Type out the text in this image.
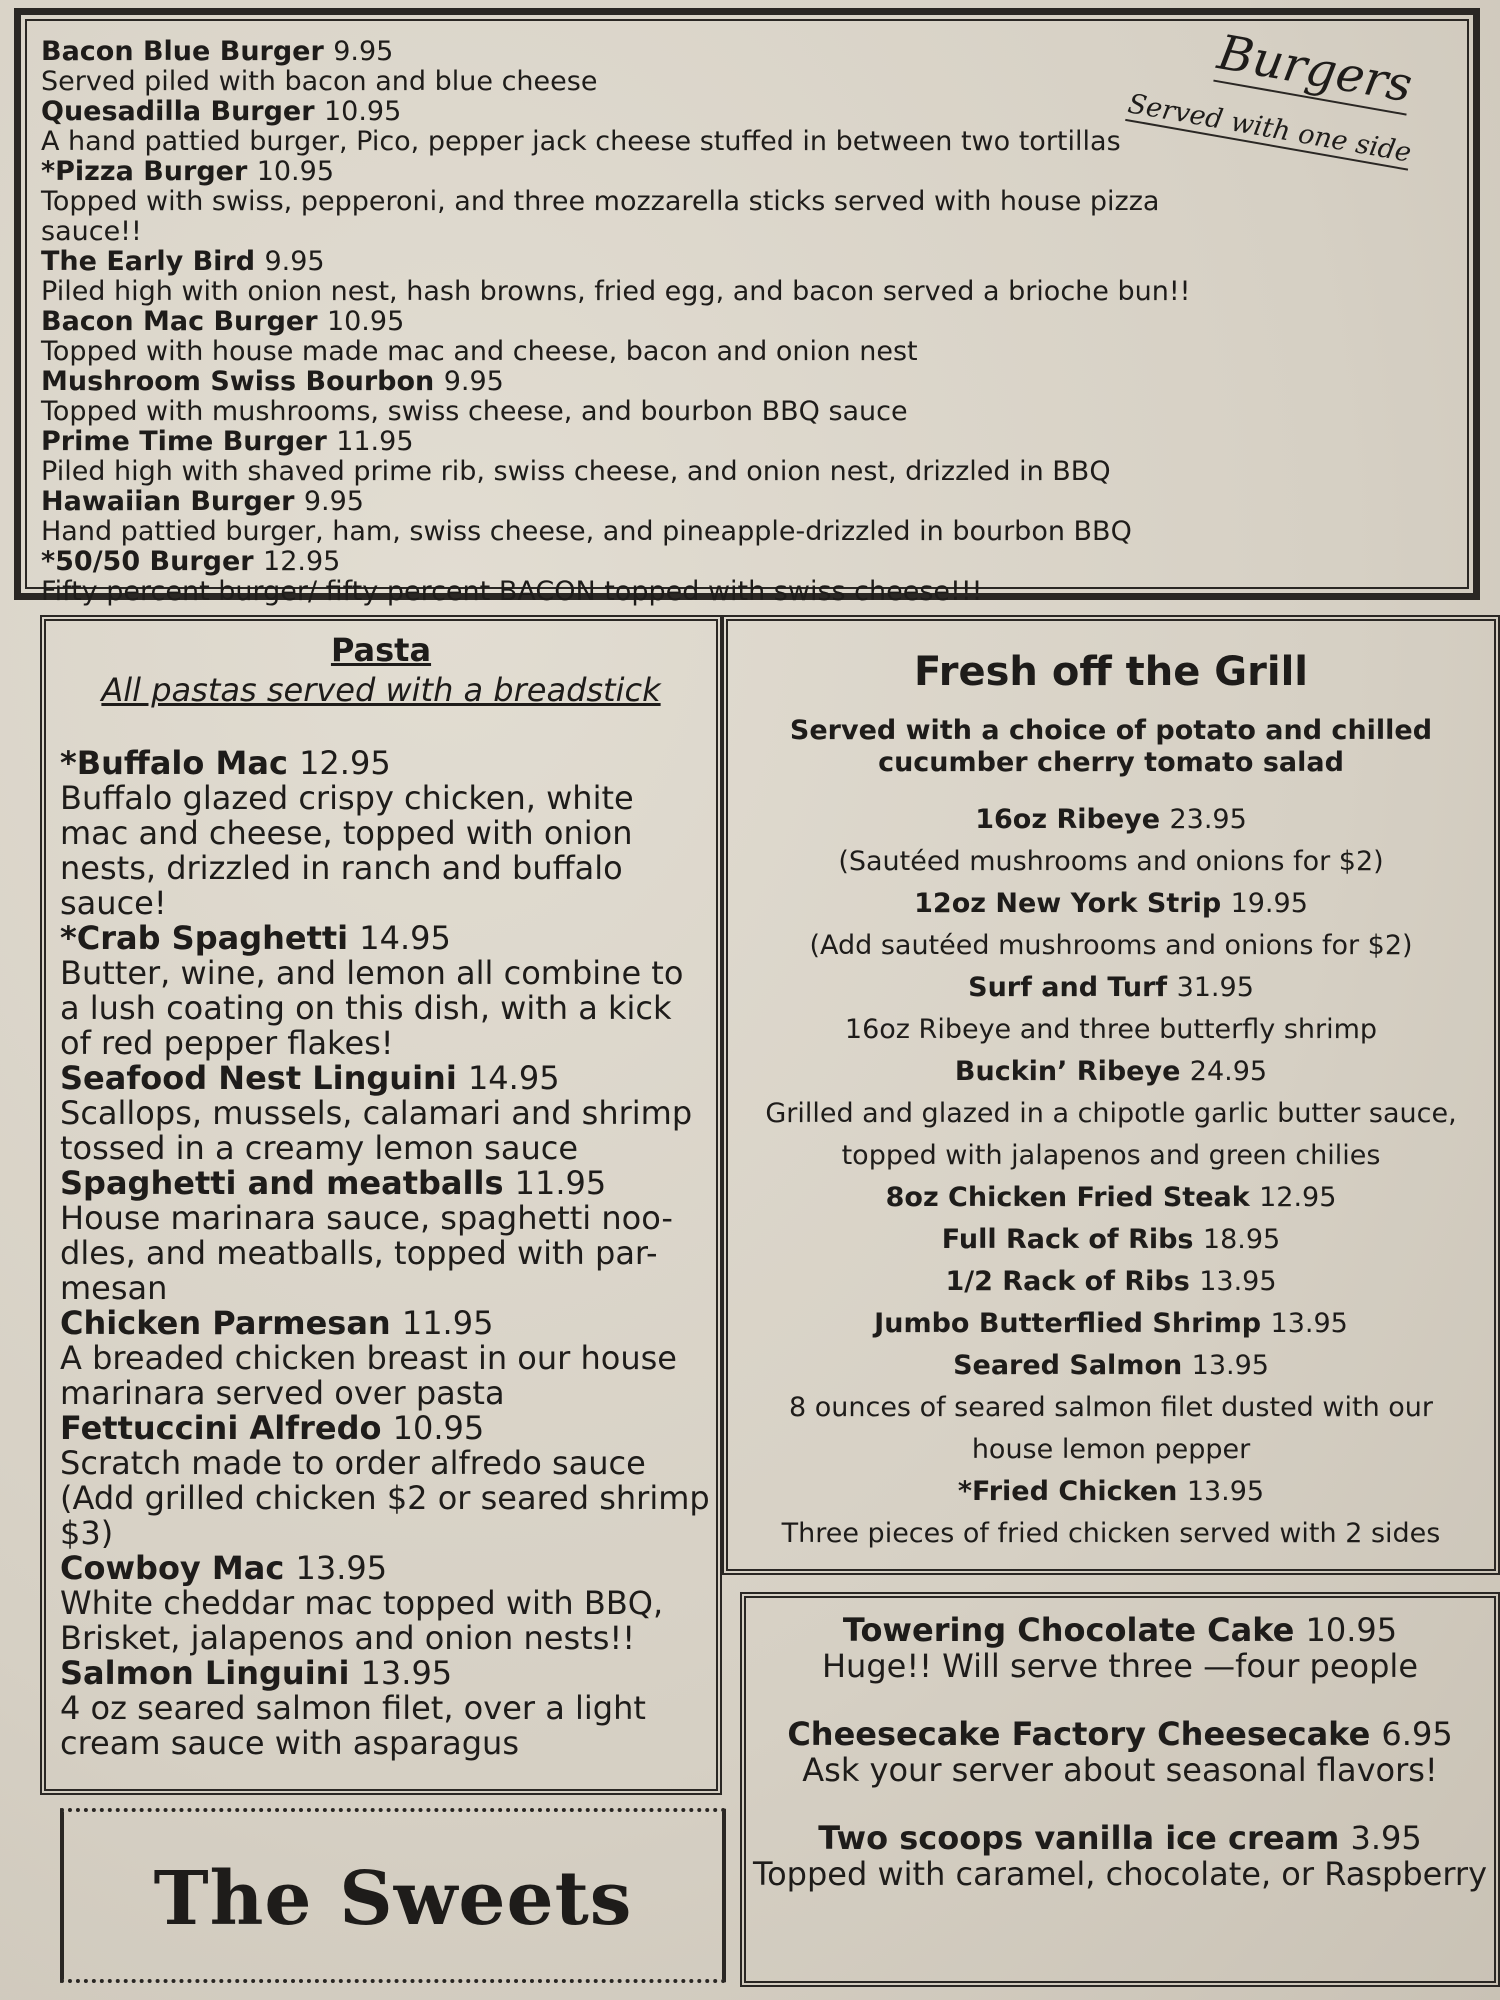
Burgers
Served with one side
Bacon Blue Burger 9.95
Served piled with bacon and blue cheese
Quesadilla Burger 10.95
A hand pattied burger, Pico, pepper jack cheese stuffed in between two tortillas
*Pizza Burger 10.95
Topped with swiss, pepperoni, and three mozzarella sticks served with house pizza sauce!!
The Early Bird 9.95
Piled high with onion nest, hash browns, fried egg, and bacon served a brioche bun!!
Bacon Mac Burger 10.95
Topped with house made mac and cheese, bacon and onion nest
Mushroom Swiss Bourbon 9.95
Topped with mushrooms, swiss cheese, and bourbon BBQ sauce
Prime Time Burger 11.95
Piled high with shaved prime rib, swiss cheese, and onion nest, drizzled in BBQ
Hawaiian Burger 9.95
Hand pattied burger, ham, swiss cheese, and pineapple-drizzled in bourbon BBQ
*50/50 Burger 12.95
Fifty percent burger/ fifty percent BACON topped with swiss cheese!!!
Pasta
All pastas served with a breadstick
*Buffalo Mac 12.95
Buffalo glazed crispy chicken, white mac and cheese, topped with onion nests, drizzled in ranch and buffalo sauce!
*Crab Spaghetti 14.95
Butter, wine, and lemon all combine to a lush coating on this dish, with a kick of red pepper flakes!
Seafood Nest Linguini 14.95
Scallops, mussels, calamari and shrimp tossed in a creamy lemon sauce
Spaghetti and meatballs 11.95
House marinara sauce, spaghetti noo-dles, and meatballs, topped with par-mesan
Chicken Parmesan 11.95
A breaded chicken breast in our house marinara served over pasta
Fettuccini Alfredo 10.95
Scratch made to order alfredo sauce (Add grilled chicken $2 or seared shrimp $3)
Cowboy Mac 13.95
White cheddar mac topped with BBQ, Brisket, jalapenos and onion nests!!
Salmon Linguini 13.95
4 oz seared salmon filet, over a light cream sauce with asparagus
The Sweets
Fresh off the Grill
Served with a choice of potato and chilled cucumber cherry tomato salad
16oz Ribeye 23.95
(Sautéed mushrooms and onions for $2)
12oz New York Strip 19.95
(Add sautéed mushrooms and onions for $2)
Surf and Turf 31.95
16oz Ribeye and three butterfly shrimp
Buckin’ Ribeye 24.95
Grilled and glazed in a chipotle garlic butter sauce,
topped with jalapenos and green chilies
8oz Chicken Fried Steak 12.95
Full Rack of Ribs 18.95
1/2 Rack of Ribs 13.95
Jumbo Butterflied Shrimp 13.95
Seared Salmon 13.95
8 ounces of seared salmon filet dusted with our
house lemon pepper
*Fried Chicken 13.95
Three pieces of fried chicken served with 2 sides
Towering Chocolate Cake 10.95
Huge!! Will serve three —four people
Cheesecake Factory Cheesecake 6.95
Ask your server about seasonal flavors!
Two scoops vanilla ice cream 3.95
Topped with caramel, chocolate, or Raspberry
